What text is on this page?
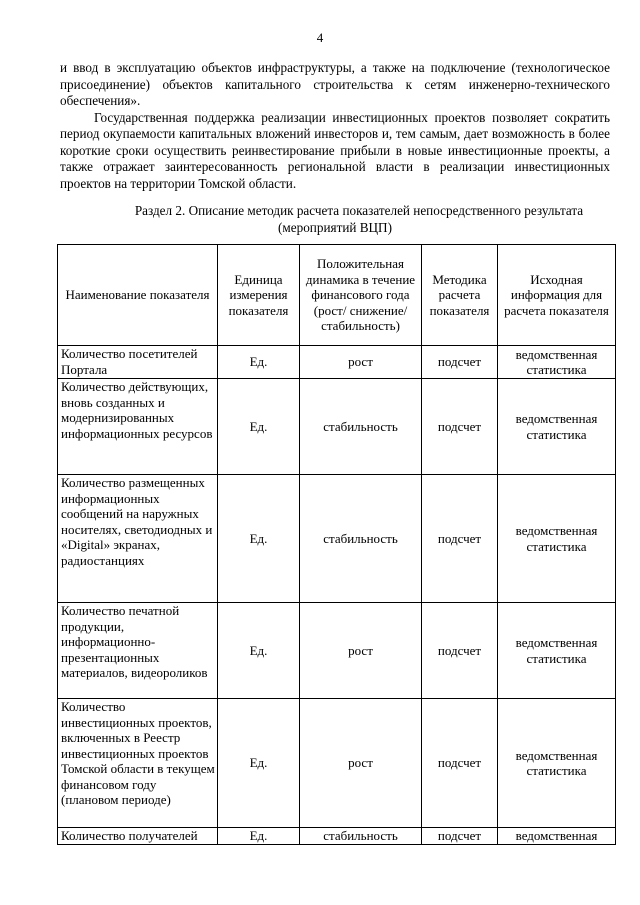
4

и ввод в эксплуатацию объектов инфраструктуры, а также на подключение (технологическое присоединение) объектов капитального строительства к сетям инженерно-технического обеспечения».

Государственная поддержка реализации инвестиционных проектов позволяет сократить период окупаемости капитальных вложений инвесторов и, тем самым, дает возможность в более короткие сроки осуществить реинвестирование прибыли в новые инвестиционные проекты, а также отражает заинтересованность региональной власти в реализации инвестиционных проектов на территории Томской области.

Раздел 2. Описание методик расчета показателей непосредственного результата
(мероприятий ВЦП)
Наименование показателя	Единица измерения показателя	Положительная динамика в течение финансового года (рост/ снижение/ стабильность)	Методика расчета показателя	Исходная информация для расчета показателя
Количество посетителей Портала	Ед.	рост	подсчет	ведомственная статистика
Количество действующих, вновь созданных и модернизированных информационных ресурсов	Ед.	стабильность	подсчет	ведомственная статистика
Количество размещенных информационных сообщений на наружных носителях, светодиодных и «Digital» экранах, радиостанциях	Ед.	стабильность	подсчет	ведомственная статистика
Количество печатной продукции, информационно-презентационных материалов, видеороликов	Ед.	рост	подсчет	ведомственная статистика
Количество инвестиционных проектов, включенных в Реестр инвестиционных проектов Томской области в текущем финансовом году (плановом периоде)	Ед.	рост	подсчет	ведомственная статистика
Количество получателей	Ед.	стабильность	подсчет	ведомственная
